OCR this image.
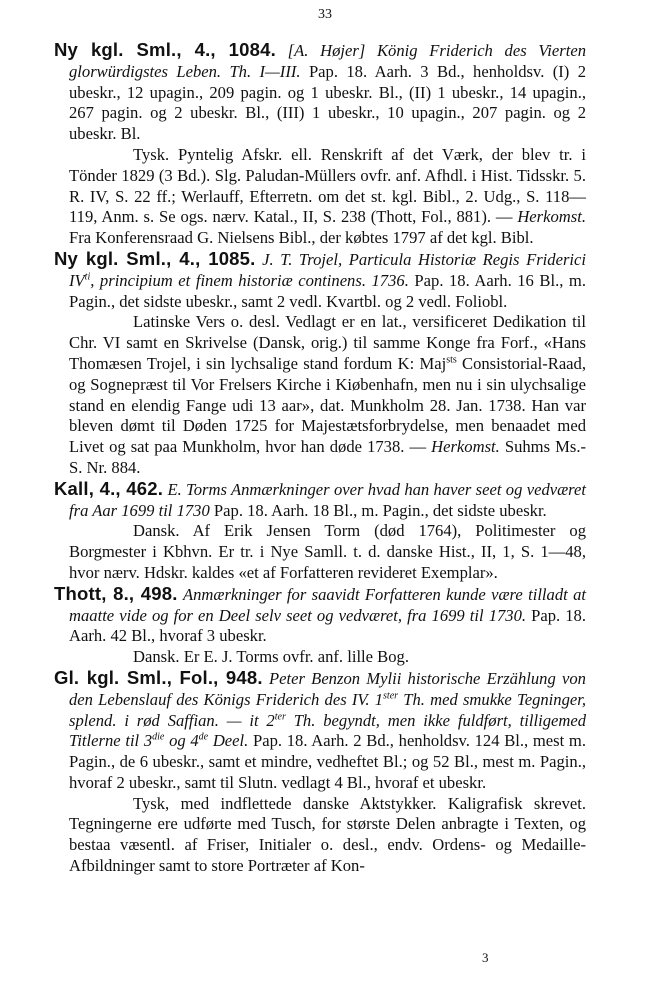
33

Ny kgl. Sml., 4., 1084. [A. Højer] König Friderich des Vierten glorwürdigstes Leben. Th. I—III. Pap. 18. Aarh. 3 Bd., henholdsv. (I) 2 ubeskr., 12 upagin., 209 pagin. og 1 ubeskr. Bl., (II) 1 ubeskr., 14 upagin., 267 pagin. og 2 ubeskr. Bl., (III) 1 ubeskr., 10 upagin., 207 pagin. og 2 ubeskr. Bl.

Tysk. Pyntelig Afskr. ell. Renskrift af det Værk, der blev tr. i Tönder 1829 (3 Bd.). Slg. Paludan-Müllers ovfr. anf. Afhdl. i Hist. Tidsskr. 5. R. IV, S. 22 ff.; Werlauff, Efterretn. om det st. kgl. Bibl., 2. Udg., S. 118—119, Anm. s. Se ogs. nærv. Katal., II, S. 238 (Thott, Fol., 881). — Herkomst. Fra Konferensraad G. Nielsens Bibl., der købtes 1797 af det kgl. Bibl.

Ny kgl. Sml., 4., 1085. J. T. Trojel, Particula Historiæ Regis Friderici $IV^{ti}$, principium et finem historiæ continens. 1736. Pap. 18. Aarh. 16 Bl., m. Pagin., det sidste ubeskr., samt 2 vedl. Kvartbl. og 2 vedl. Foliobl.

Latinske Vers o. desl. Vedlagt er en lat., versificeret Dedikation til Chr. VI samt en Skrivelse (Dansk, orig.) til samme Konge fra Forf., «Hans Thomæsen Trojel, i sin lychsalige stand fordum K: Maj$^{sts}$ Consistorial-Raad, og Sognepræst til Vor Frelsers Kirche i Kiøbenhafn, men nu i sin ulychsalige stand en elendig Fange udi 13 aar», dat. Munkholm 28. Jan. 1738. Han var bleven dømt til Døden 1725 for Majestætsforbrydelse, men benaadet med Livet og sat paa Munkholm, hvor han døde 1738. — Herkomst. Suhms Ms.-S. Nr. 884.

Kall, 4., 462. E. Torms Anmærkninger over hvad han haver seet og vedværet fra Aar 1699 til 1730 Pap. 18. Aarh. 18 Bl., m. Pagin., det sidste ubeskr.

Dansk. Af Erik Jensen Torm (død 1764), Politimester og Borgmester i Kbhvn. Er tr. i Nye Samll. t. d. danske Hist., II, 1, S. 1—48, hvor nærv. Hdskr. kaldes «et af Forfatteren revideret Exemplar».

Thott, 8., 498. Anmærkninger for saavidt Forfatteren kunde være tilladt at maatte vide og for en Deel selv seet og vedværet, fra 1699 til 1730. Pap. 18. Aarh. 42 Bl., hvoraf 3 ubeskr.

Dansk. Er E. J. Torms ovfr. anf. lille Bog.

Gl. kgl. Sml., Fol., 948. Peter Benzon Mylii historische Erzählung von den Lebenslauf des Königs Friderich des IV. $1^{ster}$ Th. med smukke Tegninger, splend. i rød Saffian. — it $2^{ter}$ Th. begyndt, men ikke fuldført, tilligemed Titlerne til $3^{die}$ og 4de Deel. Pap. 18. Aarh. 2 Bd., henholdsv. 124 Bl., mest m. Pagin., de 6 ubeskr., samt et mindre, vedheftet Bl.; og 52 Bl., mest m. Pagin., hvoraf 2 ubeskr., samt til Slutn. vedlagt 4 Bl., hvoraf et ubeskr.

Tysk, med indflettede danske Aktstykker. Kaligrafisk skrevet. Tegningerne ere udførte med Tusch, for største Delen anbragte i Texten, og bestaa væsentl. af Friser, Initialer o. desl., endv. Ordens- og Medaille-Afbildninger samt to store Portræter af Kon-

3
